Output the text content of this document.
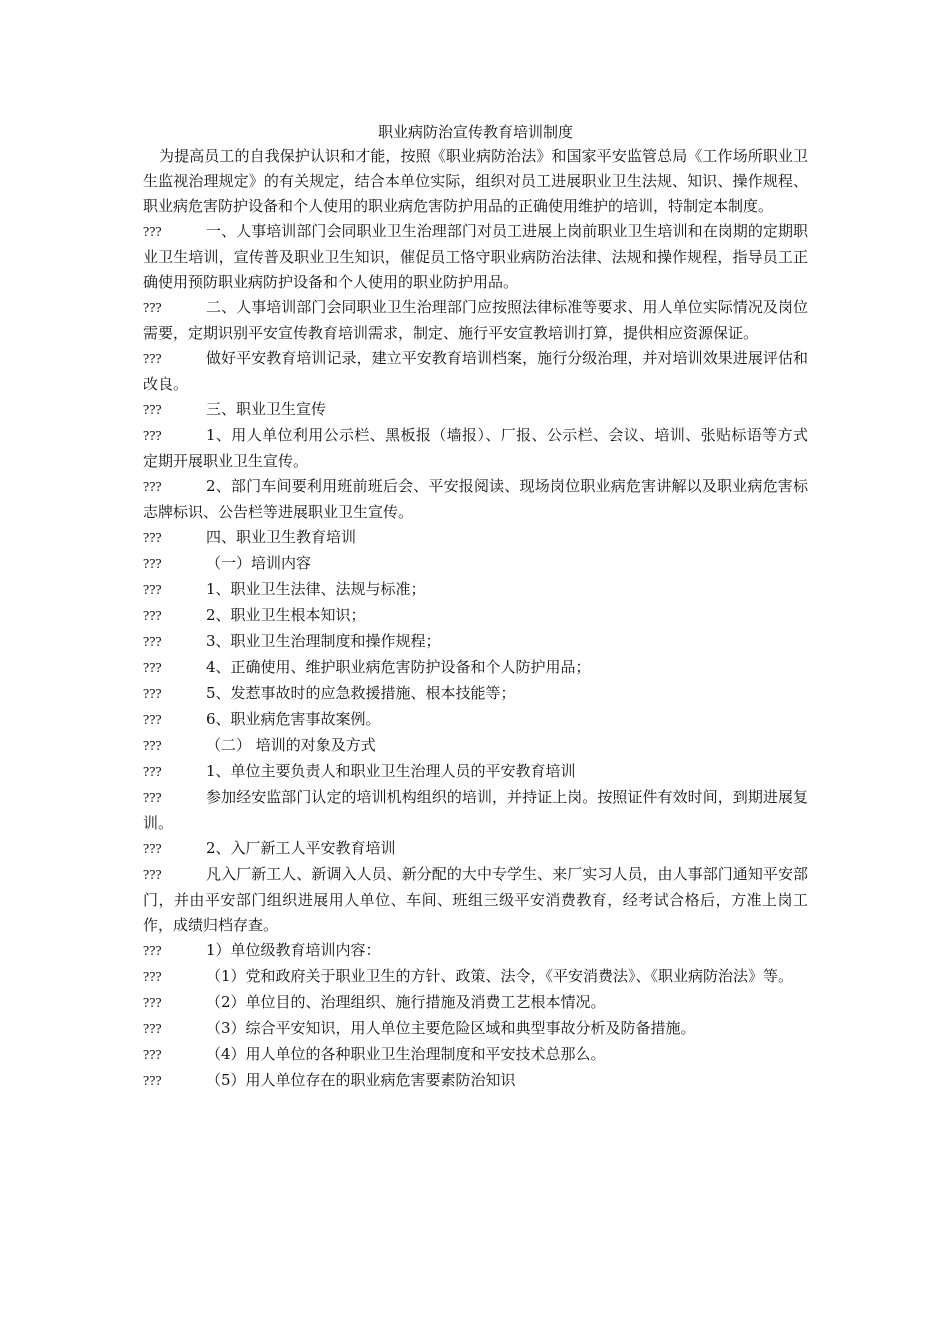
职业病防治宣传教育培训制度

为提高员工的自我保护认识和才能，按照《职业病防治法》和国家平安监管总局《工作场所职业卫生监视治理规定》的有关规定，结合本单位实际，组织对员工进展职业卫生法规、知识、操作规程、职业病危害防护设备和个人使用的职业病危害防护用品的正确使用维护的培训，特制定本制度。

???	一、人事培训部门会同职业卫生治理部门对员工进展上岗前职业卫生培训和在岗期的定期职业卫生培训，宣传普及职业卫生知识，催促员工恪守职业病防治法律、法规和操作规程，指导员工正确使用预防职业病防护设备和个人使用的职业防护用品。

???	二、人事培训部门会同职业卫生治理部门应按照法律标准等要求、用人单位实际情况及岗位需要，定期识别平安宣传教育培训需求，制定、施行平安宣教培训打算，提供相应资源保证。

???	做好平安教育培训记录，建立平安教育培训档案，施行分级治理，并对培训效果进展评估和改良。

???	三、职业卫生宣传

???	1、用人单位利用公示栏、黑板报（墙报）、厂报、公示栏、会议、培训、张贴标语等方式定期开展职业卫生宣传。

???	2、部门车间要利用班前班后会、平安报阅读、现场岗位职业病危害讲解以及职业病危害标志牌标识、公告栏等进展职业卫生宣传。

???	四、职业卫生教育培训

???	（一）培训内容

???	1、职业卫生法律、法规与标准；

???	2、职业卫生根本知识；

???	3、职业卫生治理制度和操作规程；

???	4、正确使用、维护职业病危害防护设备和个人防护用品；

???	5、发惹事故时的应急救援措施、根本技能等；

???	6、职业病危害事故案例。

???	（二） 培训的对象及方式

???	1、单位主要负责人和职业卫生治理人员的平安教育培训

???	参加经安监部门认定的培训机构组织的培训，并持证上岗。按照证件有效时间，到期进展复训。

???	2、入厂新工人平安教育培训

???	凡入厂新工人、新调入人员、新分配的大中专学生、来厂实习人员，由人事部门通知平安部门，并由平安部门组织进展用人单位、车间、班组三级平安消费教育，经考试合格后，方准上岗工作，成绩归档存查。

???	1）单位级教育培训内容：

???	（1）党和政府关于职业卫生的方针、政策、法令，《平安消费法》、《职业病防治法》等。

???	（2）单位目的、治理组织、施行措施及消费工艺根本情况。

???	（3）综合平安知识，用人单位主要危险区域和典型事故分析及防备措施。

???	（4）用人单位的各种职业卫生治理制度和平安技术总那么。

???	（5）用人单位存在的职业病危害要素防治知识
